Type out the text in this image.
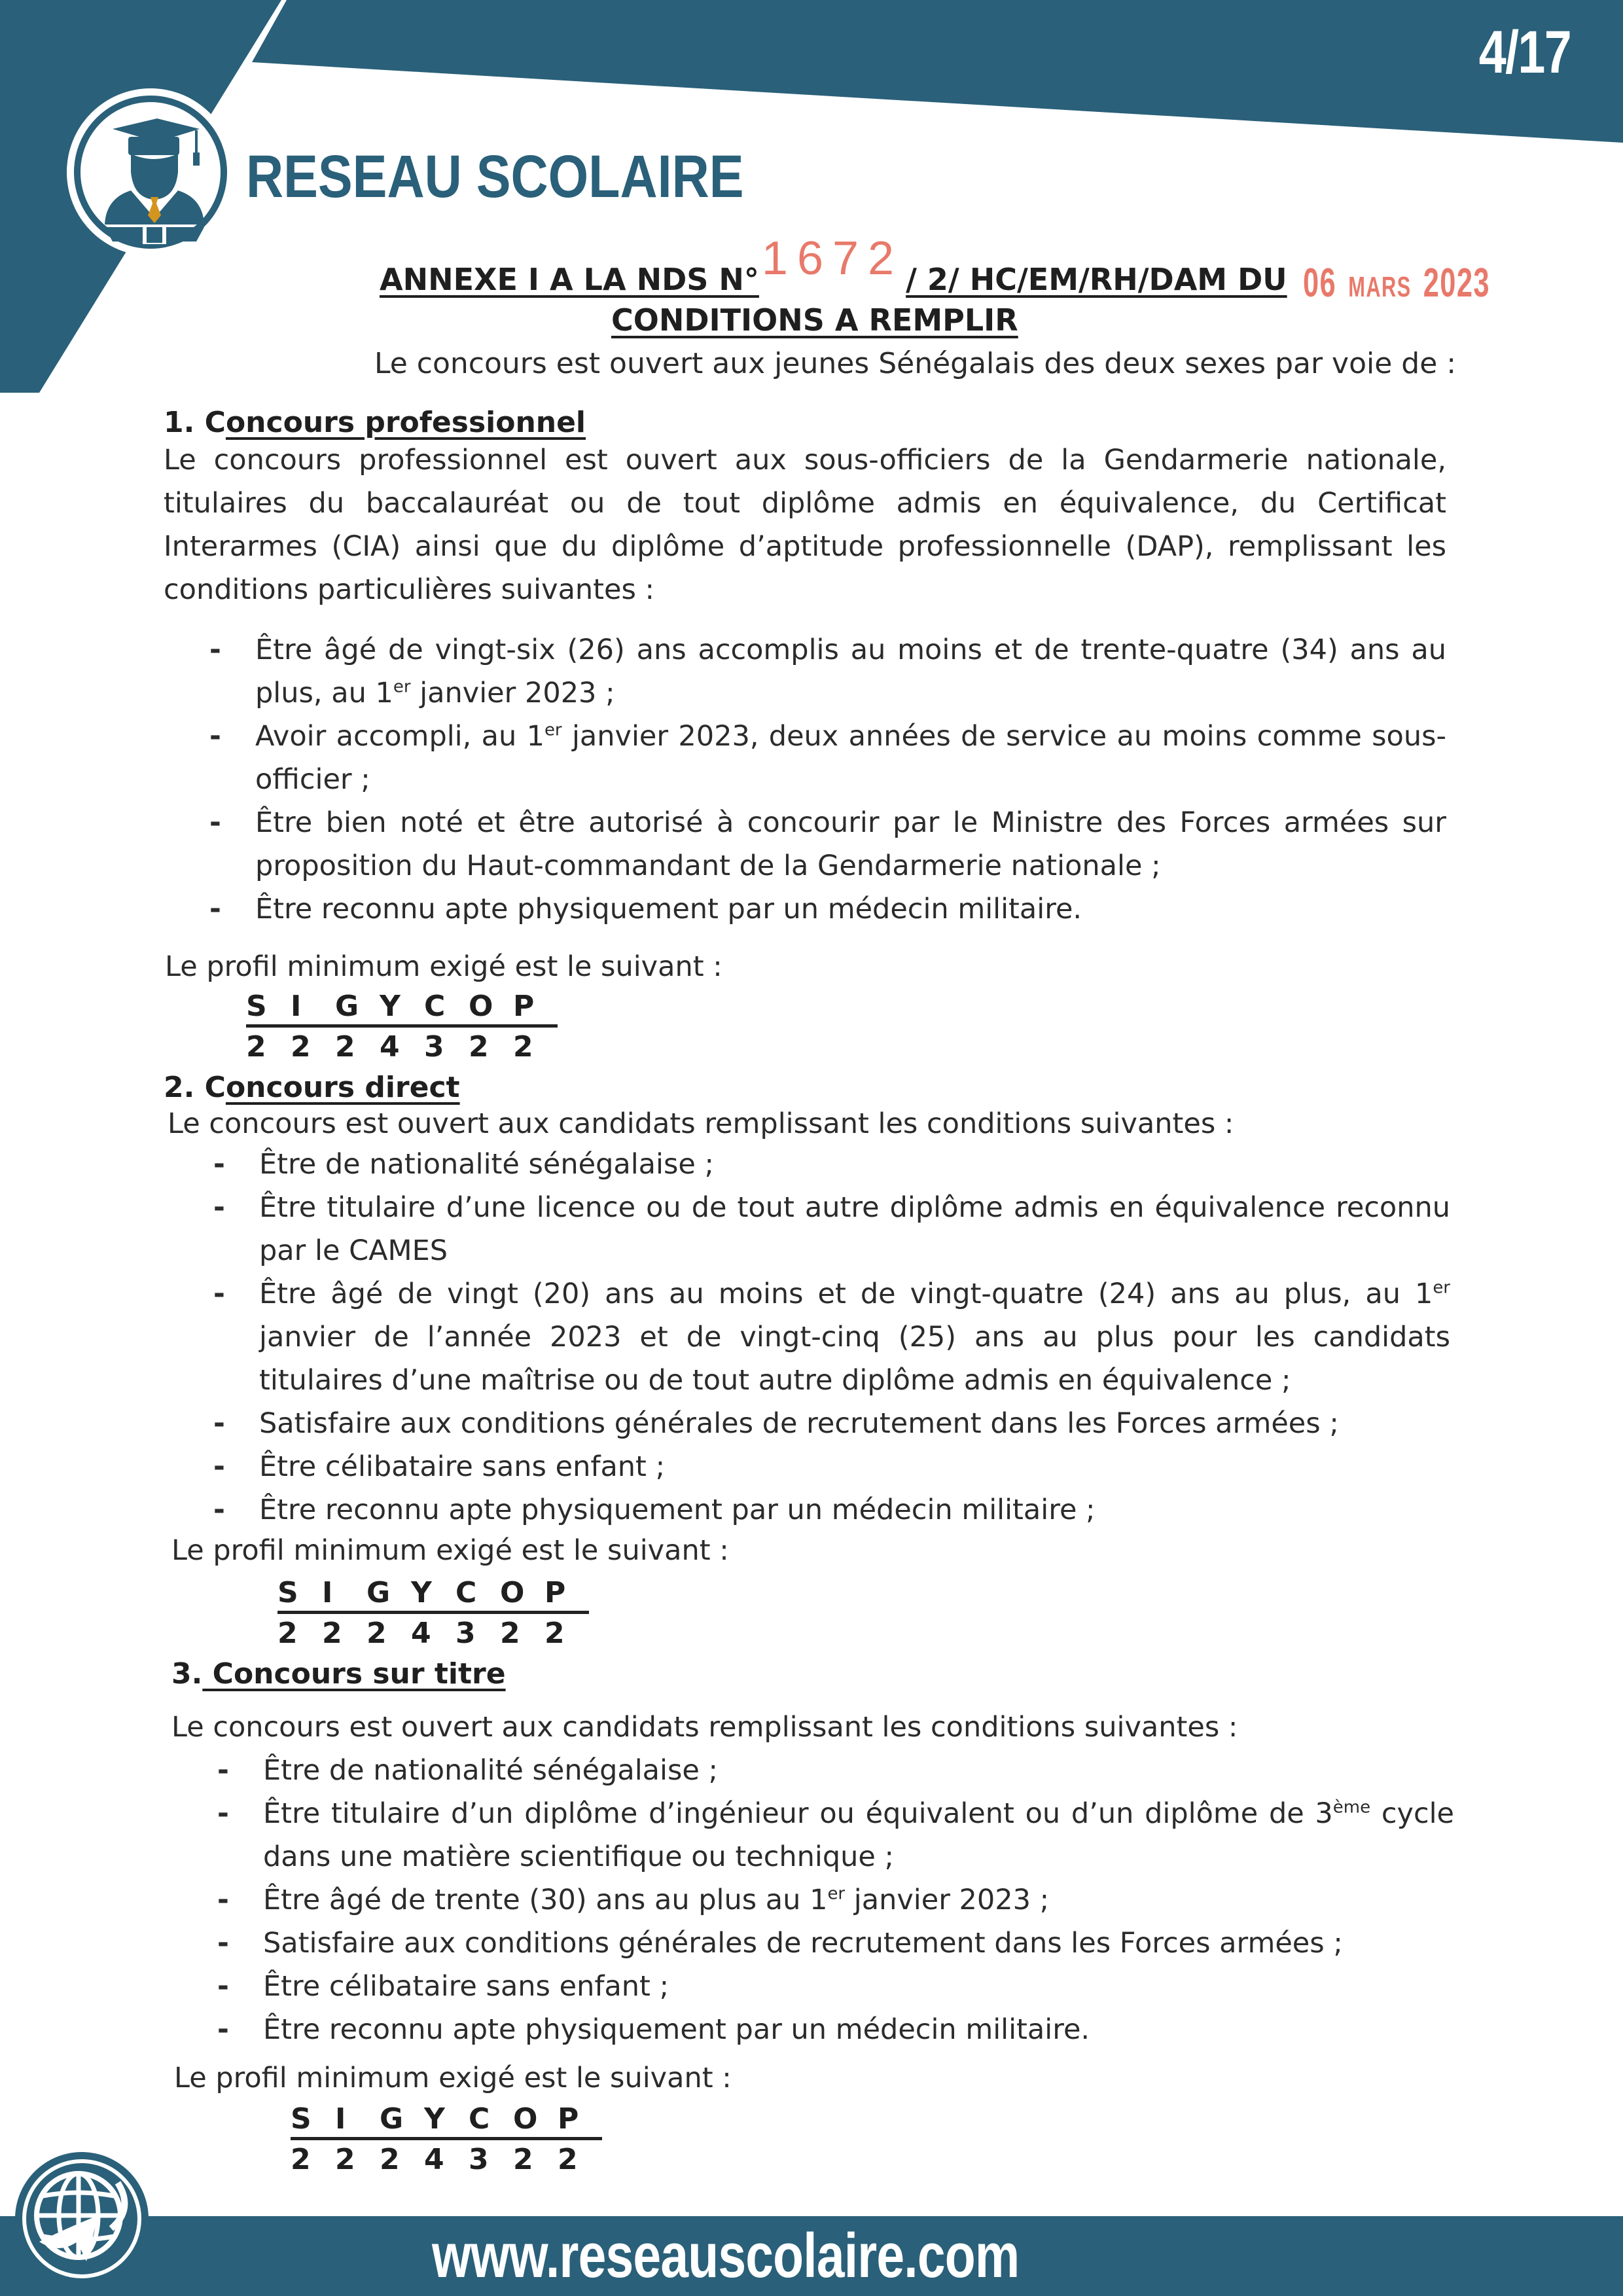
4/17
RESEAU SCOLAIRE
ANNEXE I A LA NDS N° 1672 / 2/ HC/EM/RH/DAM DU 06 MARS 2023
CONDITIONS A REMPLIR
Le concours est ouvert aux jeunes Sénégalais des deux sexes par voie de :
1. Concours professionnel
Le concours professionnel est ouvert aux sous-officiers de la Gendarmerie nationale, titulaires du baccalauréat ou de tout diplôme admis en équivalence, du Certificat Interarmes (CIA) ainsi que du diplôme d’aptitude professionnelle (DAP), remplissant les conditions particulières suivantes :
- Être âgé de vingt-six (26) ans accomplis au moins et de trente-quatre (34) ans au plus, au 1er janvier 2023 ;
- Avoir accompli, au 1er janvier 2023, deux années de service au moins comme sous-officier ;
- Être bien noté et être autorisé à concourir par le Ministre des Forces armées sur proposition du Haut-commandant de la Gendarmerie nationale ;
- Être reconnu apte physiquement par un médecin militaire.
Le profil minimum exigé est le suivant :
S I	G Y C O P
2 2 2 4 3 2 2
2. Concours direct
Le concours est ouvert aux candidats remplissant les conditions suivantes :
- Être de nationalité sénégalaise ;
- Être titulaire d’une licence ou de tout autre diplôme admis en équivalence reconnu par le CAMES
- Être âgé de vingt (20) ans au moins et de vingt-quatre (24) ans au plus, au 1er janvier de l’année 2023 et de vingt-cinq (25) ans au plus pour les candidats titulaires d’une maîtrise ou de tout autre diplôme admis en équivalence ;
- Satisfaire aux conditions générales de recrutement dans les Forces armées ;
- Être célibataire sans enfant ;
- Être reconnu apte physiquement par un médecin militaire ;
Le profil minimum exigé est le suivant :
S I	G Y C O P
2 2 2 4 3 2 2
3. Concours sur titre
Le concours est ouvert aux candidats remplissant les conditions suivantes :
- Être de nationalité sénégalaise ;
- Être titulaire d’un diplôme d’ingénieur ou équivalent ou d’un diplôme de 3ème cycle dans une matière scientifique ou technique ;
- Être âgé de trente (30) ans au plus au 1er janvier 2023 ;
- Satisfaire aux conditions générales de recrutement dans les Forces armées ;
- Être célibataire sans enfant ;
- Être reconnu apte physiquement par un médecin militaire.
Le profil minimum exigé est le suivant :
S I	G Y C O P
2 2 2 4 3 2 2
www.reseauscolaire.com
